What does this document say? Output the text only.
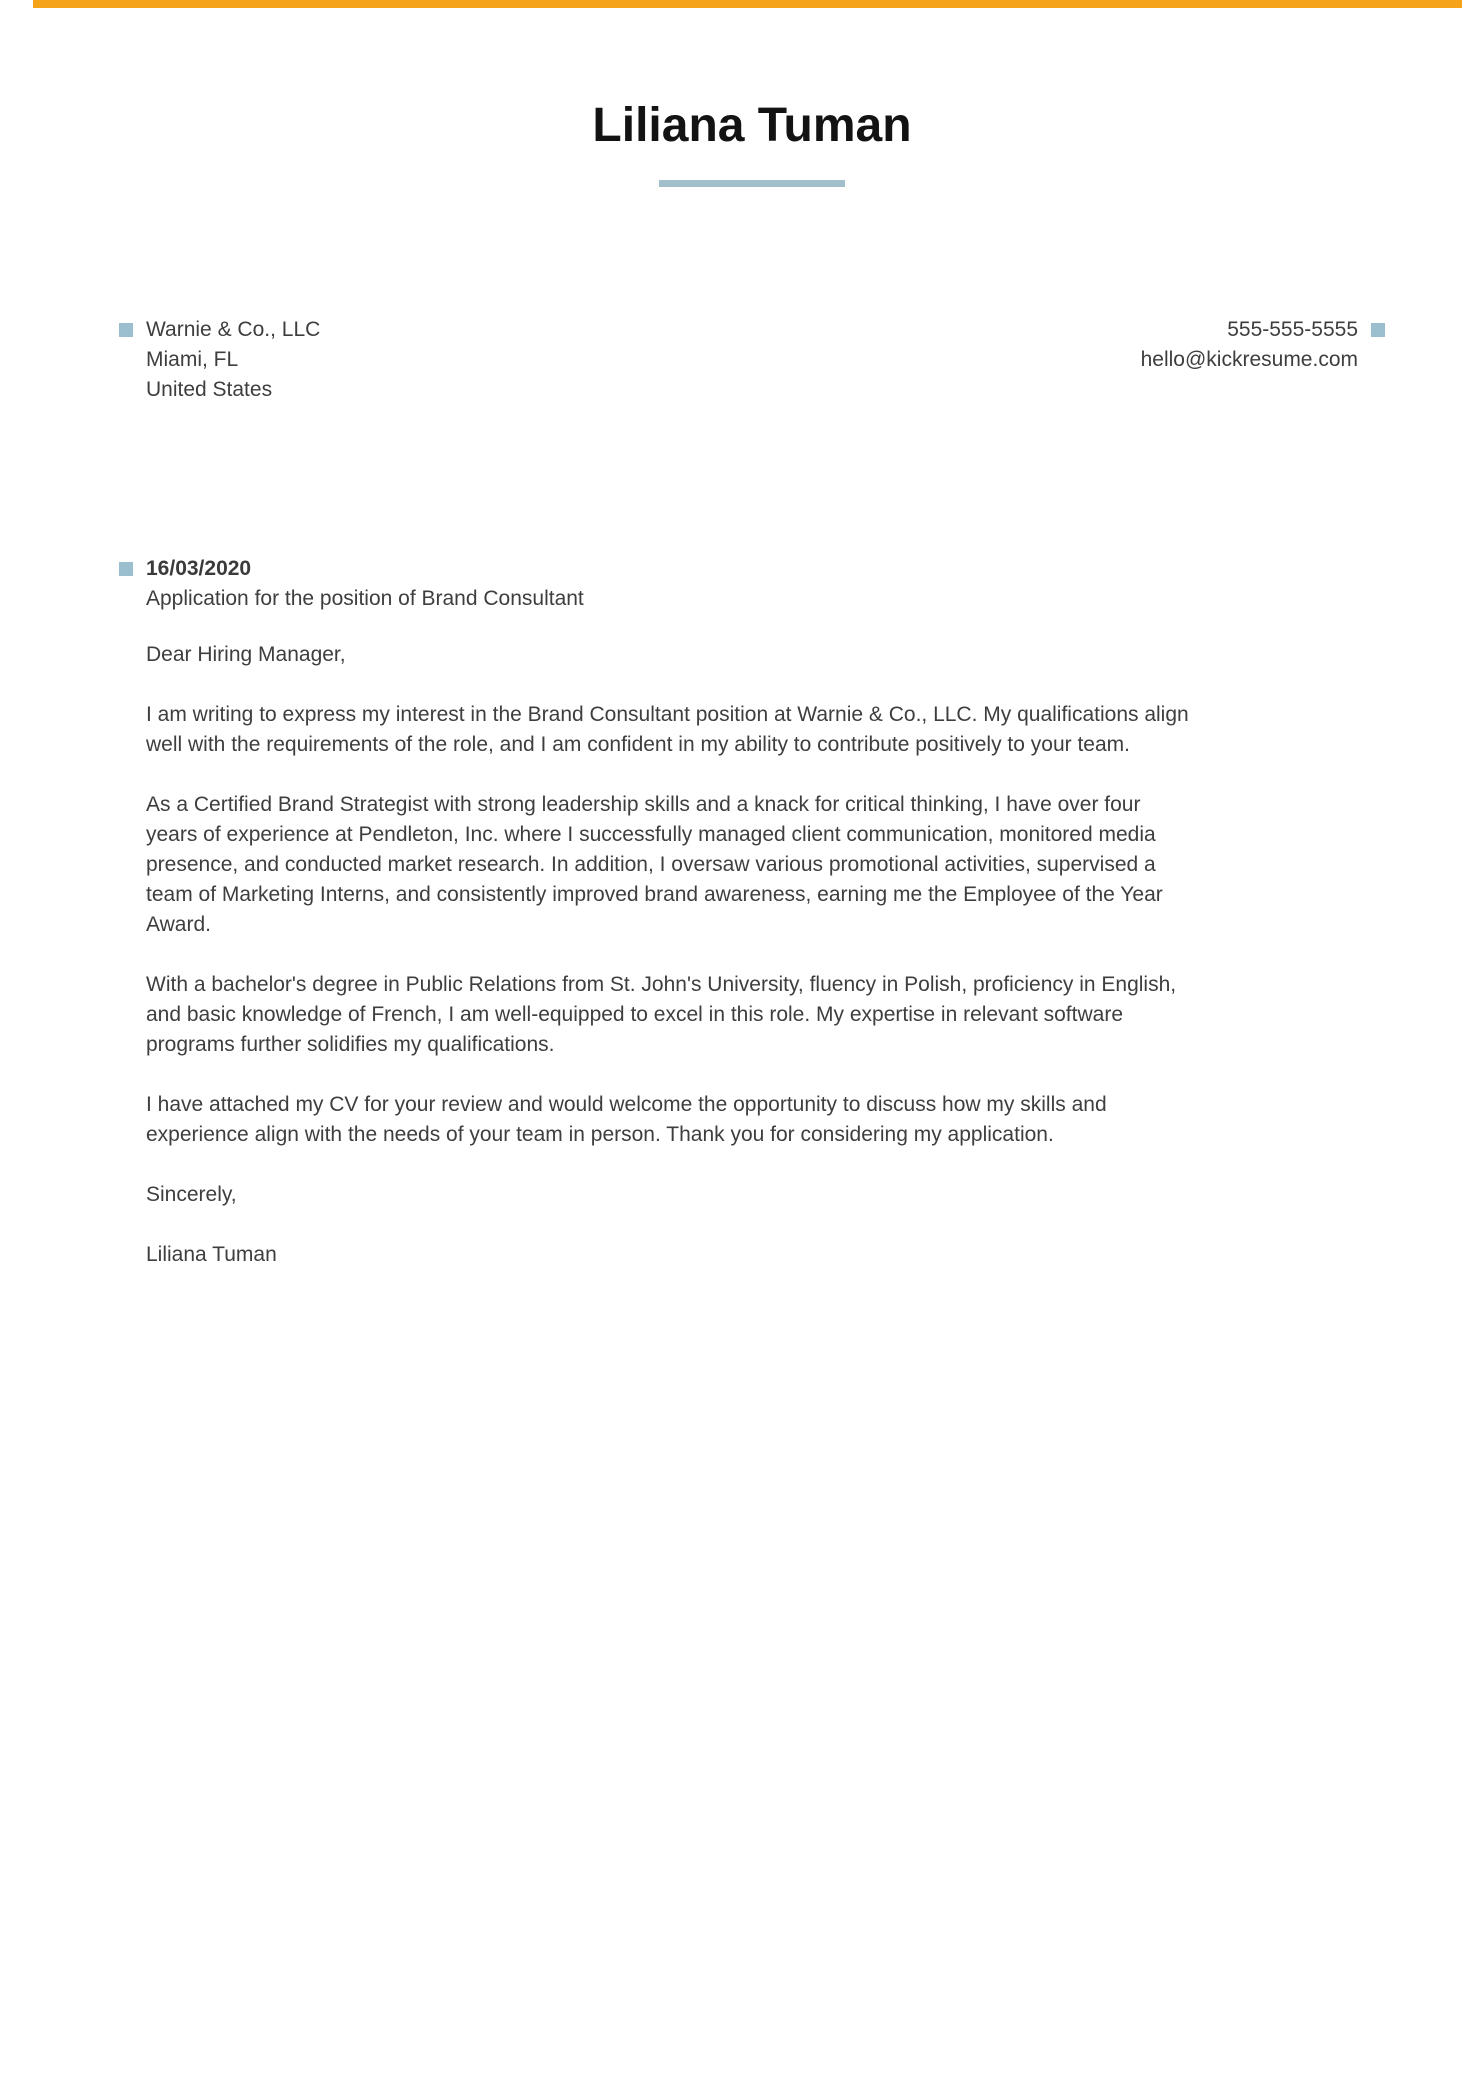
Liliana Tuman
Warnie & Co., LLC
Miami, FL
United States
555-555-5555
hello@kickresume.com
16/03/2020
Application for the position of Brand Consultant

Dear Hiring Manager,

I am writing to express my interest in the Brand Consultant position at Warnie & Co., LLC. My qualifications align
well with the requirements of the role, and I am confident in my ability to contribute positively to your team.

As a Certified Brand Strategist with strong leadership skills and a knack for critical thinking, I have over four
years of experience at Pendleton, Inc. where I successfully managed client communication, monitored media
presence, and conducted market research. In addition, I oversaw various promotional activities, supervised a
team of Marketing Interns, and consistently improved brand awareness, earning me the Employee of the Year
Award.

With a bachelor's degree in Public Relations from St. John's University, fluency in Polish, proficiency in English,
and basic knowledge of French, I am well-equipped to excel in this role. My expertise in relevant software
programs further solidifies my qualifications.

I have attached my CV for your review and would welcome the opportunity to discuss how my skills and
experience align with the needs of your team in person. Thank you for considering my application.

Sincerely,

Liliana Tuman
